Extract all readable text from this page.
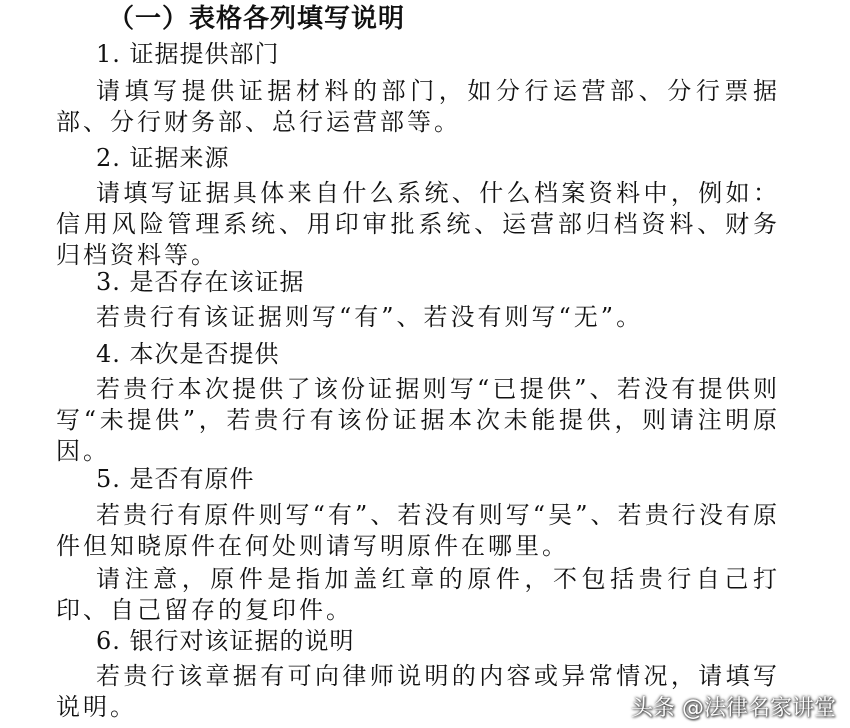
（一）表格各列填写说明
1. 证据提供部门

请填写提供证据材料的部门，如分行运营部、分行票据部、分行财务部、总行运营部等。

2. 证据来源

请填写证据具体来自什么系统、什么档案资料中，例如：信用风险管理系统、用印审批系统、运营部归档资料、财务归档资料等。

3. 是否存在该证据

若贵行有该证据则写“有”、若没有则写“无”。

4. 本次是否提供

若贵行本次提供了该份证据则写“已提供”、若没有提供则写“未提供”，若贵行有该份证据本次未能提供，则请注明原因。

5. 是否有原件

若贵行有原件则写“有”、若没有则写“吴”、若贵行没有原件但知晓原件在何处则请写明原件在哪里。

请注意，原件是指加盖红章的原件，不包括贵行自己打印、自己留存的复印件。

6. 银行对该证据的说明

若贵行该章据有可向律师说明的内容或异常情况，请填写说明。	头条 @法律名家讲堂
